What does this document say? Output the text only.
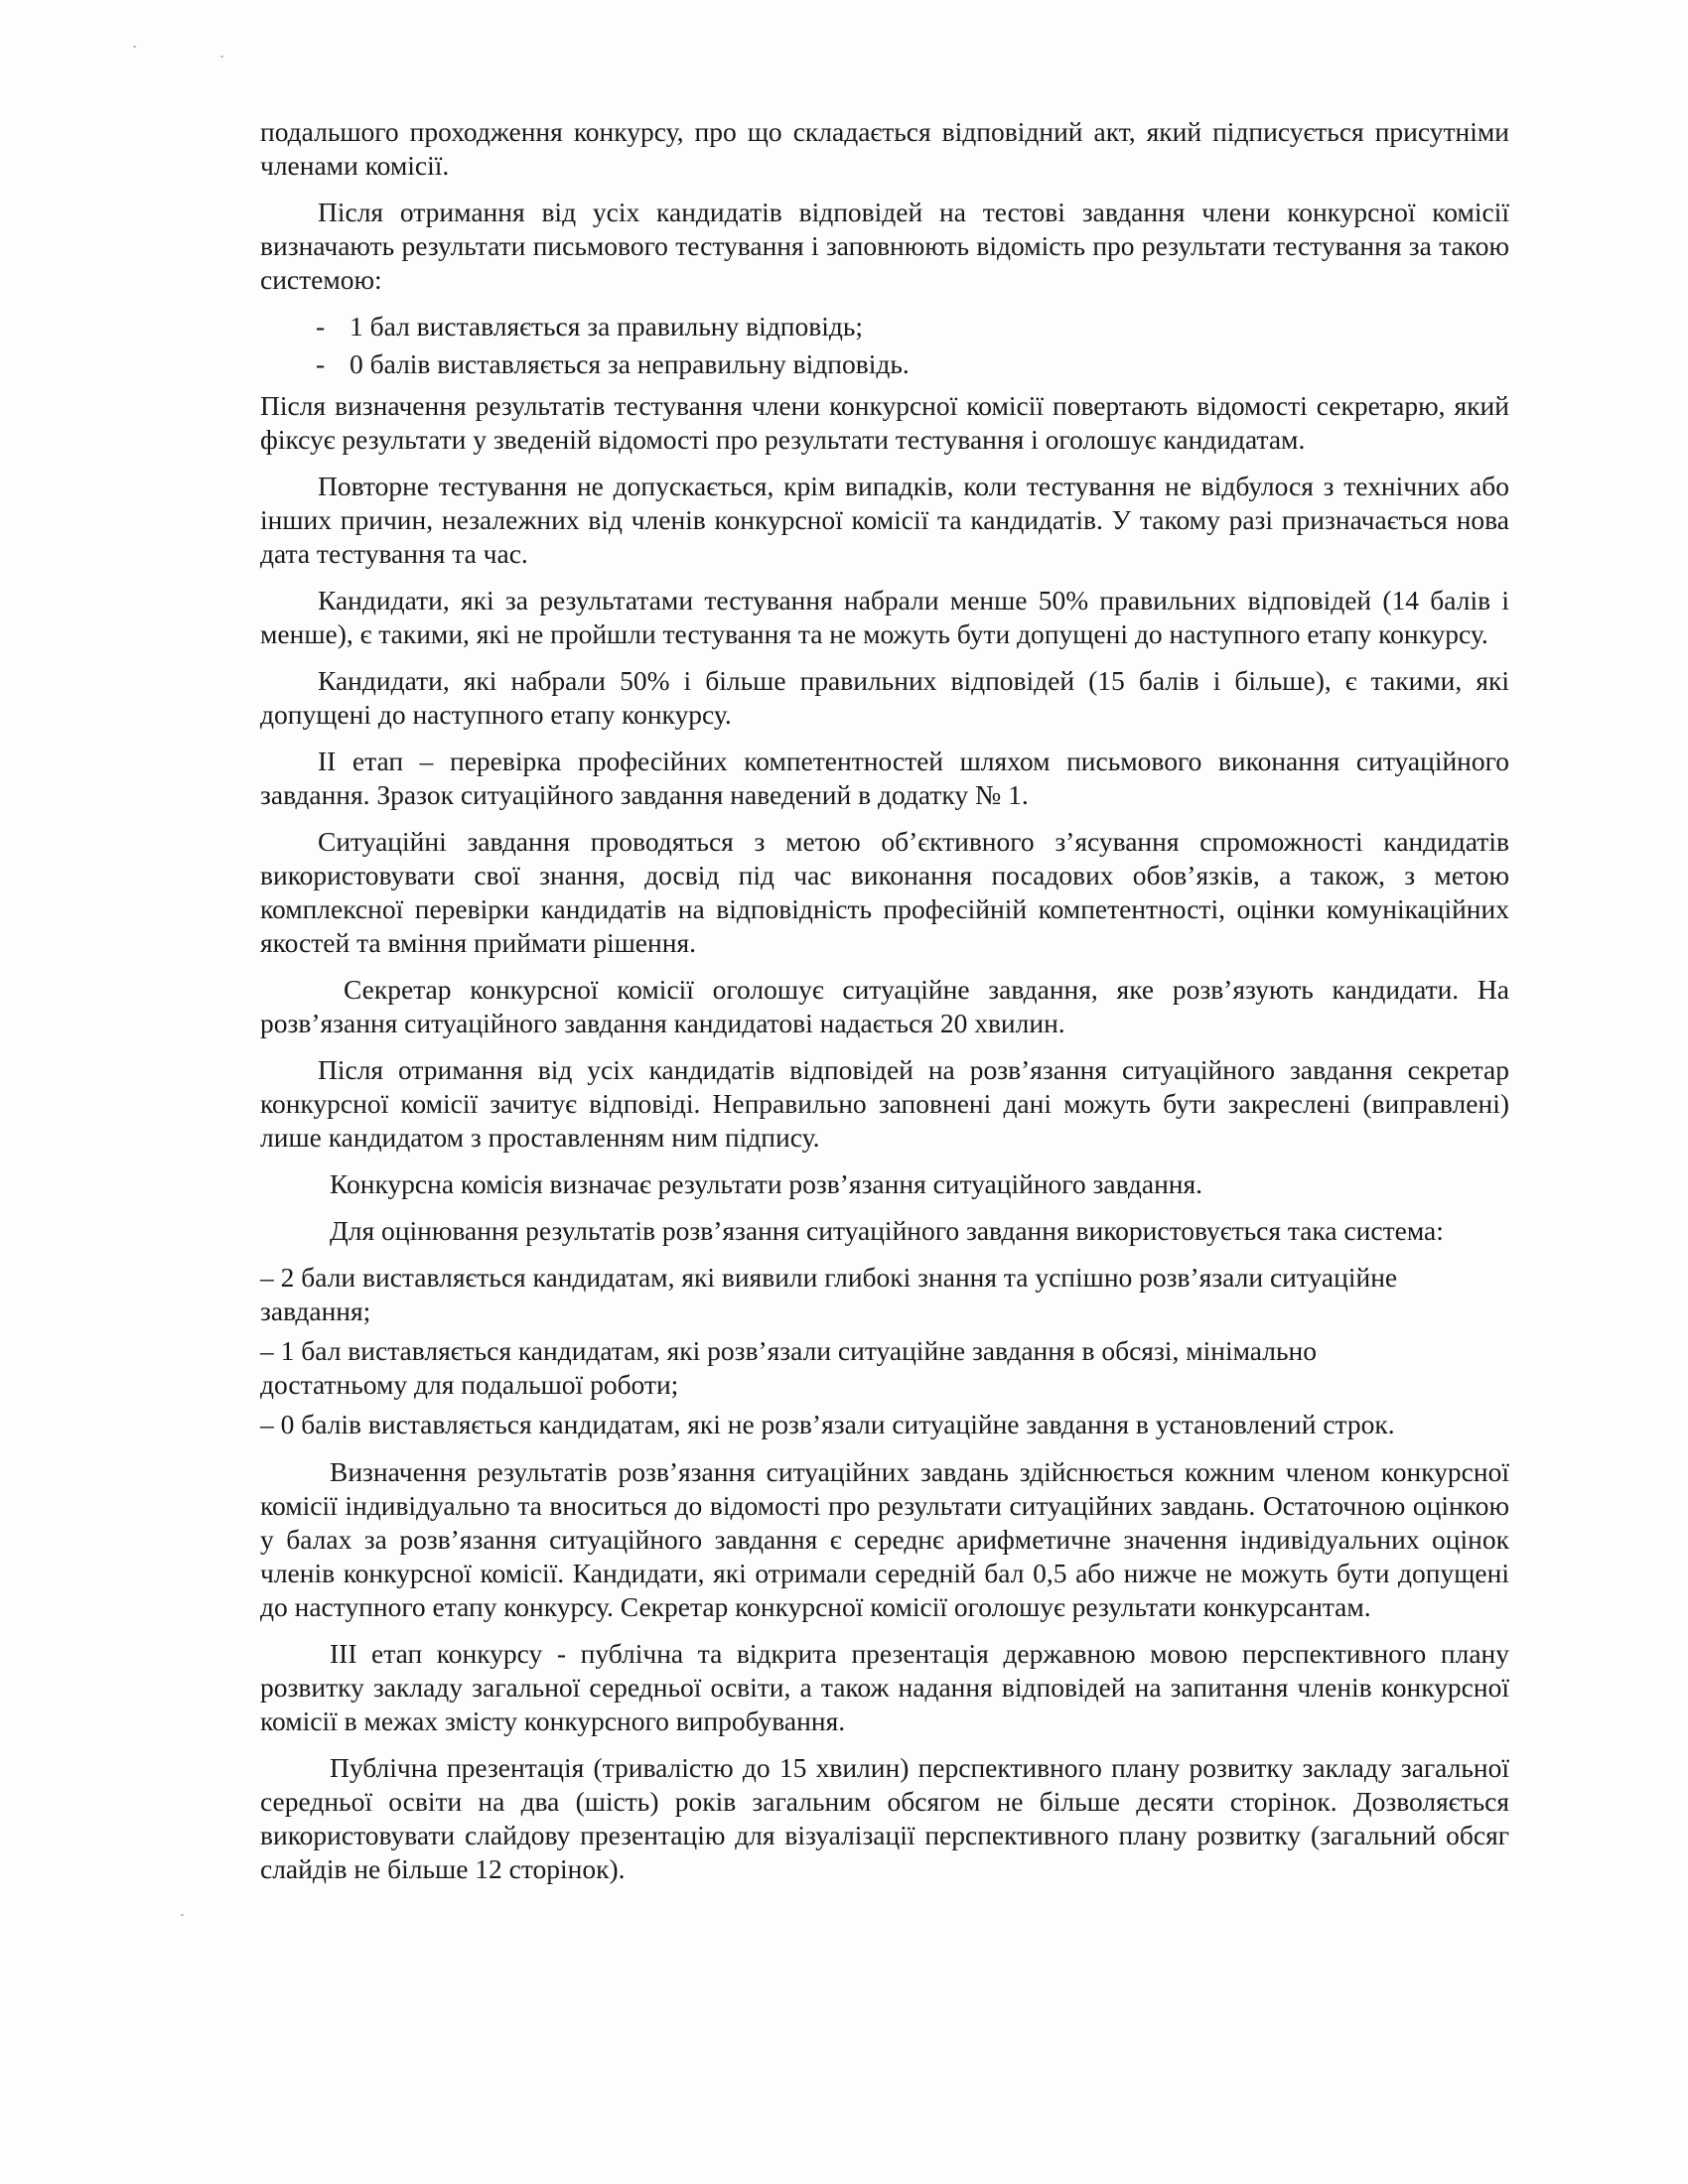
подальшого проходження конкурсу, про що складається відповідний акт, який підписується присутніми членами комісії.

Після отримання від усіх кандидатів відповідей на тестові завдання члени конкурсної комісії визначають результати письмового тестування і заповнюють відомість про результати тестування за такою системою:

- 1 бал виставляється за правильну відповідь;
- 0 балів виставляється за неправильну відповідь.

Після визначення результатів тестування члени конкурсної комісії повертають відомості секретарю, який фіксує результати у зведеній відомості про результати тестування і оголошує кандидатам.

Повторне тестування не допускається, крім випадків, коли тестування не відбулося з технічних або інших причин, незалежних від членів конкурсної комісії та кандидатів. У такому разі призначається нова дата тестування та час.

Кандидати, які за результатами тестування набрали менше 50% правильних відповідей (14 балів і менше), є такими, які не пройшли тестування та не можуть бути допущені до наступного етапу конкурсу.

Кандидати, які набрали 50% і більше правильних відповідей (15 балів і більше), є такими, які допущені до наступного етапу конкурсу.

ІІ етап – перевірка професійних компетентностей шляхом письмового виконання ситуаційного завдання. Зразок ситуаційного завдання наведений в додатку № 1.

Ситуаційні завдання проводяться з метою об’єктивного з’ясування спроможності кандидатів використовувати свої знання, досвід під час виконання посадових обов’язків, а також, з метою комплексної перевірки кандидатів на відповідність професійній компетентності, оцінки комунікаційних якостей та вміння приймати рішення.

Секретар конкурсної комісії оголошує ситуаційне завдання, яке розв’язують кандидати. На розв’язання ситуаційного завдання кандидатові надається 20 хвилин.

Після отримання від усіх кандидатів відповідей на розв’язання ситуаційного завдання секретар конкурсної комісії зачитує відповіді. Неправильно заповнені дані можуть бути закреслені (виправлені) лише кандидатом з проставленням ним підпису.

Конкурсна комісія визначає результати розв’язання ситуаційного завдання.

Для оцінювання результатів розв’язання ситуаційного завдання використовується така система:

– 2 бали виставляється кандидатам, які виявили глибокі знання та успішно розв’язали ситуаційне завдання;
– 1 бал виставляється кандидатам, які розв’язали ситуаційне завдання в обсязі, мінімально достатньому для подальшої роботи;
– 0 балів виставляється кандидатам, які не розв’язали ситуаційне завдання в установлений строк.

Визначення результатів розв’язання ситуаційних завдань здійснюється кожним членом конкурсної комісії індивідуально та вноситься до відомості про результати ситуаційних завдань. Остаточною оцінкою у балах за розв’язання ситуаційного завдання є середнє арифметичне значення індивідуальних оцінок членів конкурсної комісії. Кандидати, які отримали середній бал 0,5 або нижче не можуть бути допущені до наступного етапу конкурсу. Секретар конкурсної комісії оголошує результати конкурсантам.

ІІІ етап конкурсу - публічна та відкрита презентація державною мовою перспективного плану розвитку закладу загальної середньої освіти, а також надання відповідей на запитання членів конкурсної комісії в межах змісту конкурсного випробування.

Публічна презентація (тривалістю до 15 хвилин) перспективного плану розвитку закладу загальної середньої освіти на два (шість) років загальним обсягом не більше десяти сторінок. Дозволяється використовувати слайдову презентацію для візуалізації перспективного плану розвитку (загальний обсяг слайдів не більше 12 сторінок).
